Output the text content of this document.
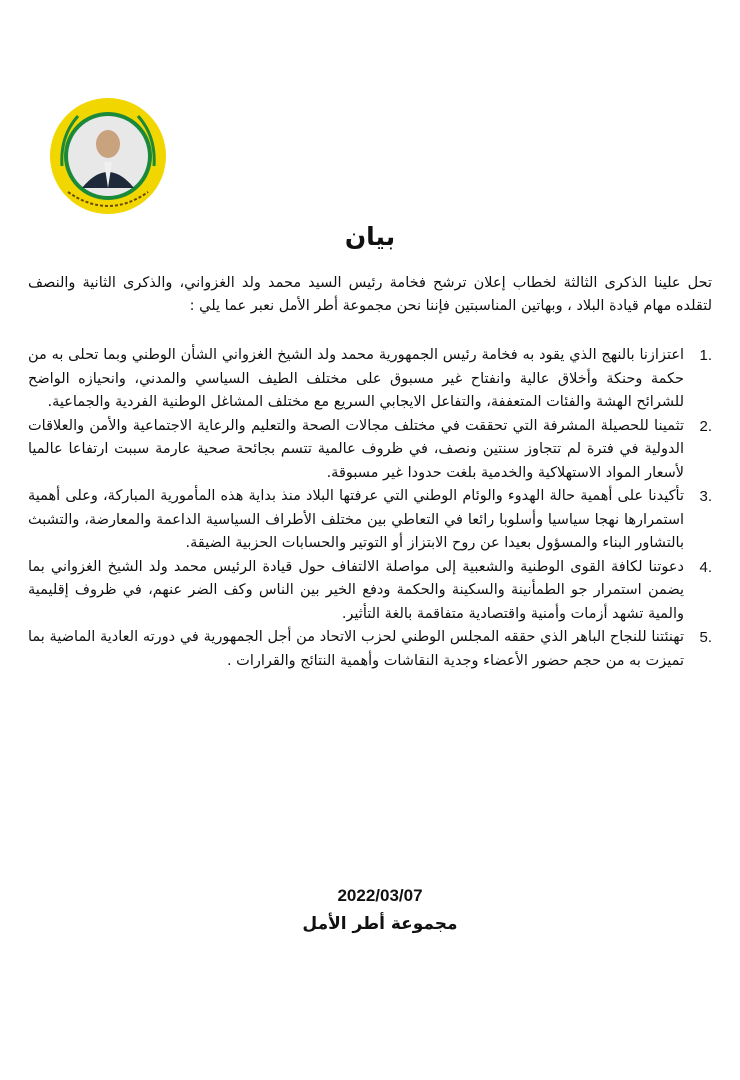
بيان
تحل علينا الذكرى الثالثة لخطاب إعلان ترشح فخامة رئيس السيد محمد ولد الغزواني، والذكرى الثانية والنصف لتقلده مهام قيادة البلاد ، وبهاتين المناسبتين فإننا نحن مجموعة أطر الأمل نعبر عما يلي :
1.
اعتزازنا بالنهج الذي يقود به فخامة رئيس الجمهورية محمد ولد الشيخ الغزواني الشأن الوطني وبما تحلى به من حكمة وحنكة وأخلاق عالية وانفتاح غير مسبوق على مختلف الطيف السياسي والمدني، وانحيازه الواضح للشرائح الهشة والفئات المتعففة، والتفاعل الايجابي السريع مع مختلف المشاغل الوطنية الفردية والجماعية.
2.
تثمينا للحصيلة المشرفة التي تحققت في مختلف مجالات الصحة والتعليم والرعاية الاجتماعية والأمن والعلاقات الدولية في فترة لم تتجاوز سنتين ونصف، في ظروف عالمية تتسم بجائحة صحية عارمة سببت ارتفاعا عالميا لأسعار المواد الاستهلاكية والخدمية بلغت حدودا غير مسبوقة.
3.
تأكيدنا على أهمية حالة الهدوء والوئام الوطني التي عرفتها البلاد منذ بداية هذه المأمورية المباركة، وعلى أهمية استمرارها نهجا سياسيا وأسلوبا رائعا في التعاطي بين مختلف الأطراف السياسية الداعمة والمعارضة، والتشبث بالتشاور البناء والمسؤول بعيدا عن روح الابتزاز أو التوتير والحسابات الحزبية الضيقة.
4.
دعوتنا لكافة القوى الوطنية والشعبية إلى مواصلة الالتفاف حول قيادة الرئيس محمد ولد الشيخ الغزواني بما يضمن استمرار جو الطمأنينة والسكينة والحكمة ودفع الخير بين الناس وكف الضر عنهم، في ظروف إقليمية والمية تشهد أزمات وأمنية واقتصادية متفاقمة بالغة التأثير.
5.
تهنئتنا للنجاح الباهر الذي حققه المجلس الوطني لحزب الاتحاد من أجل الجمهورية في دورته العادية الماضية بما تميزت به من حجم حضور الأعضاء وجدية النقاشات وأهمية النتائج والقرارات .
2022/03/07
مجموعة أطر الأمل
